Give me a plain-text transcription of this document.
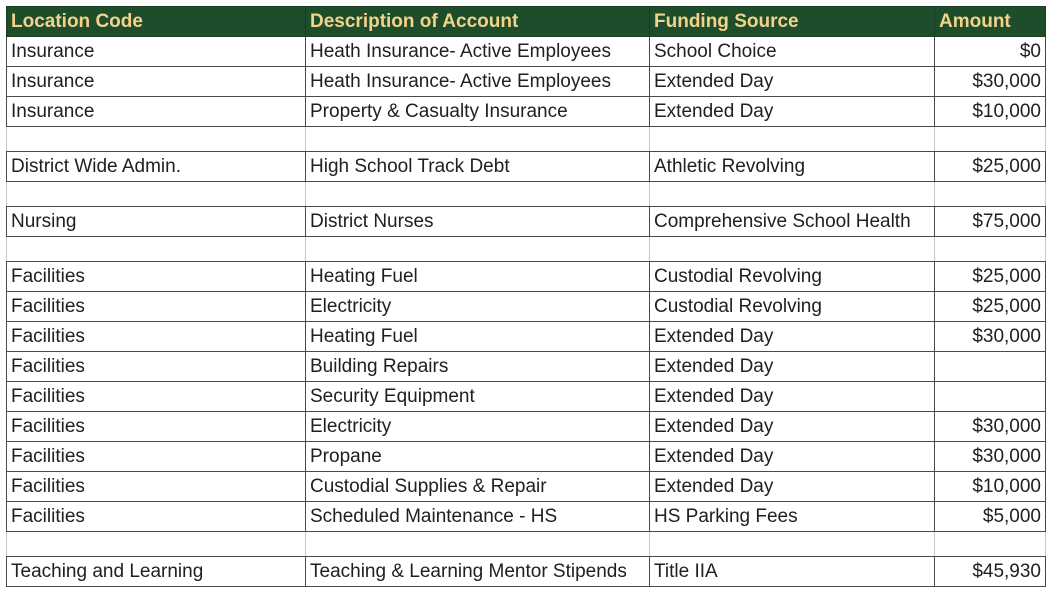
Location Code	Description of Account	Funding Source	Amount
Insurance	Heath Insurance- Active Employees	School Choice	$0
Insurance	Heath Insurance- Active Employees	Extended Day	$30,000
Insurance	Property & Casualty Insurance	Extended Day	$10,000

District Wide Admin.	High School Track Debt	Athletic Revolving	$25,000

Nursing	District Nurses	Comprehensive School Health	$75,000

Facilities	Heating Fuel	Custodial Revolving	$25,000
Facilities	Electricity	Custodial Revolving	$25,000
Facilities	Heating Fuel	Extended Day	$30,000
Facilities	Building Repairs	Extended Day	
Facilities	Security Equipment	Extended Day	
Facilities	Electricity	Extended Day	$30,000
Facilities	Propane	Extended Day	$30,000
Facilities	Custodial Supplies & Repair	Extended Day	$10,000
Facilities	Scheduled Maintenance - HS	HS Parking Fees	$5,000

Teaching and Learning	Teaching & Learning Mentor Stipends	Title IIA	$45,930
